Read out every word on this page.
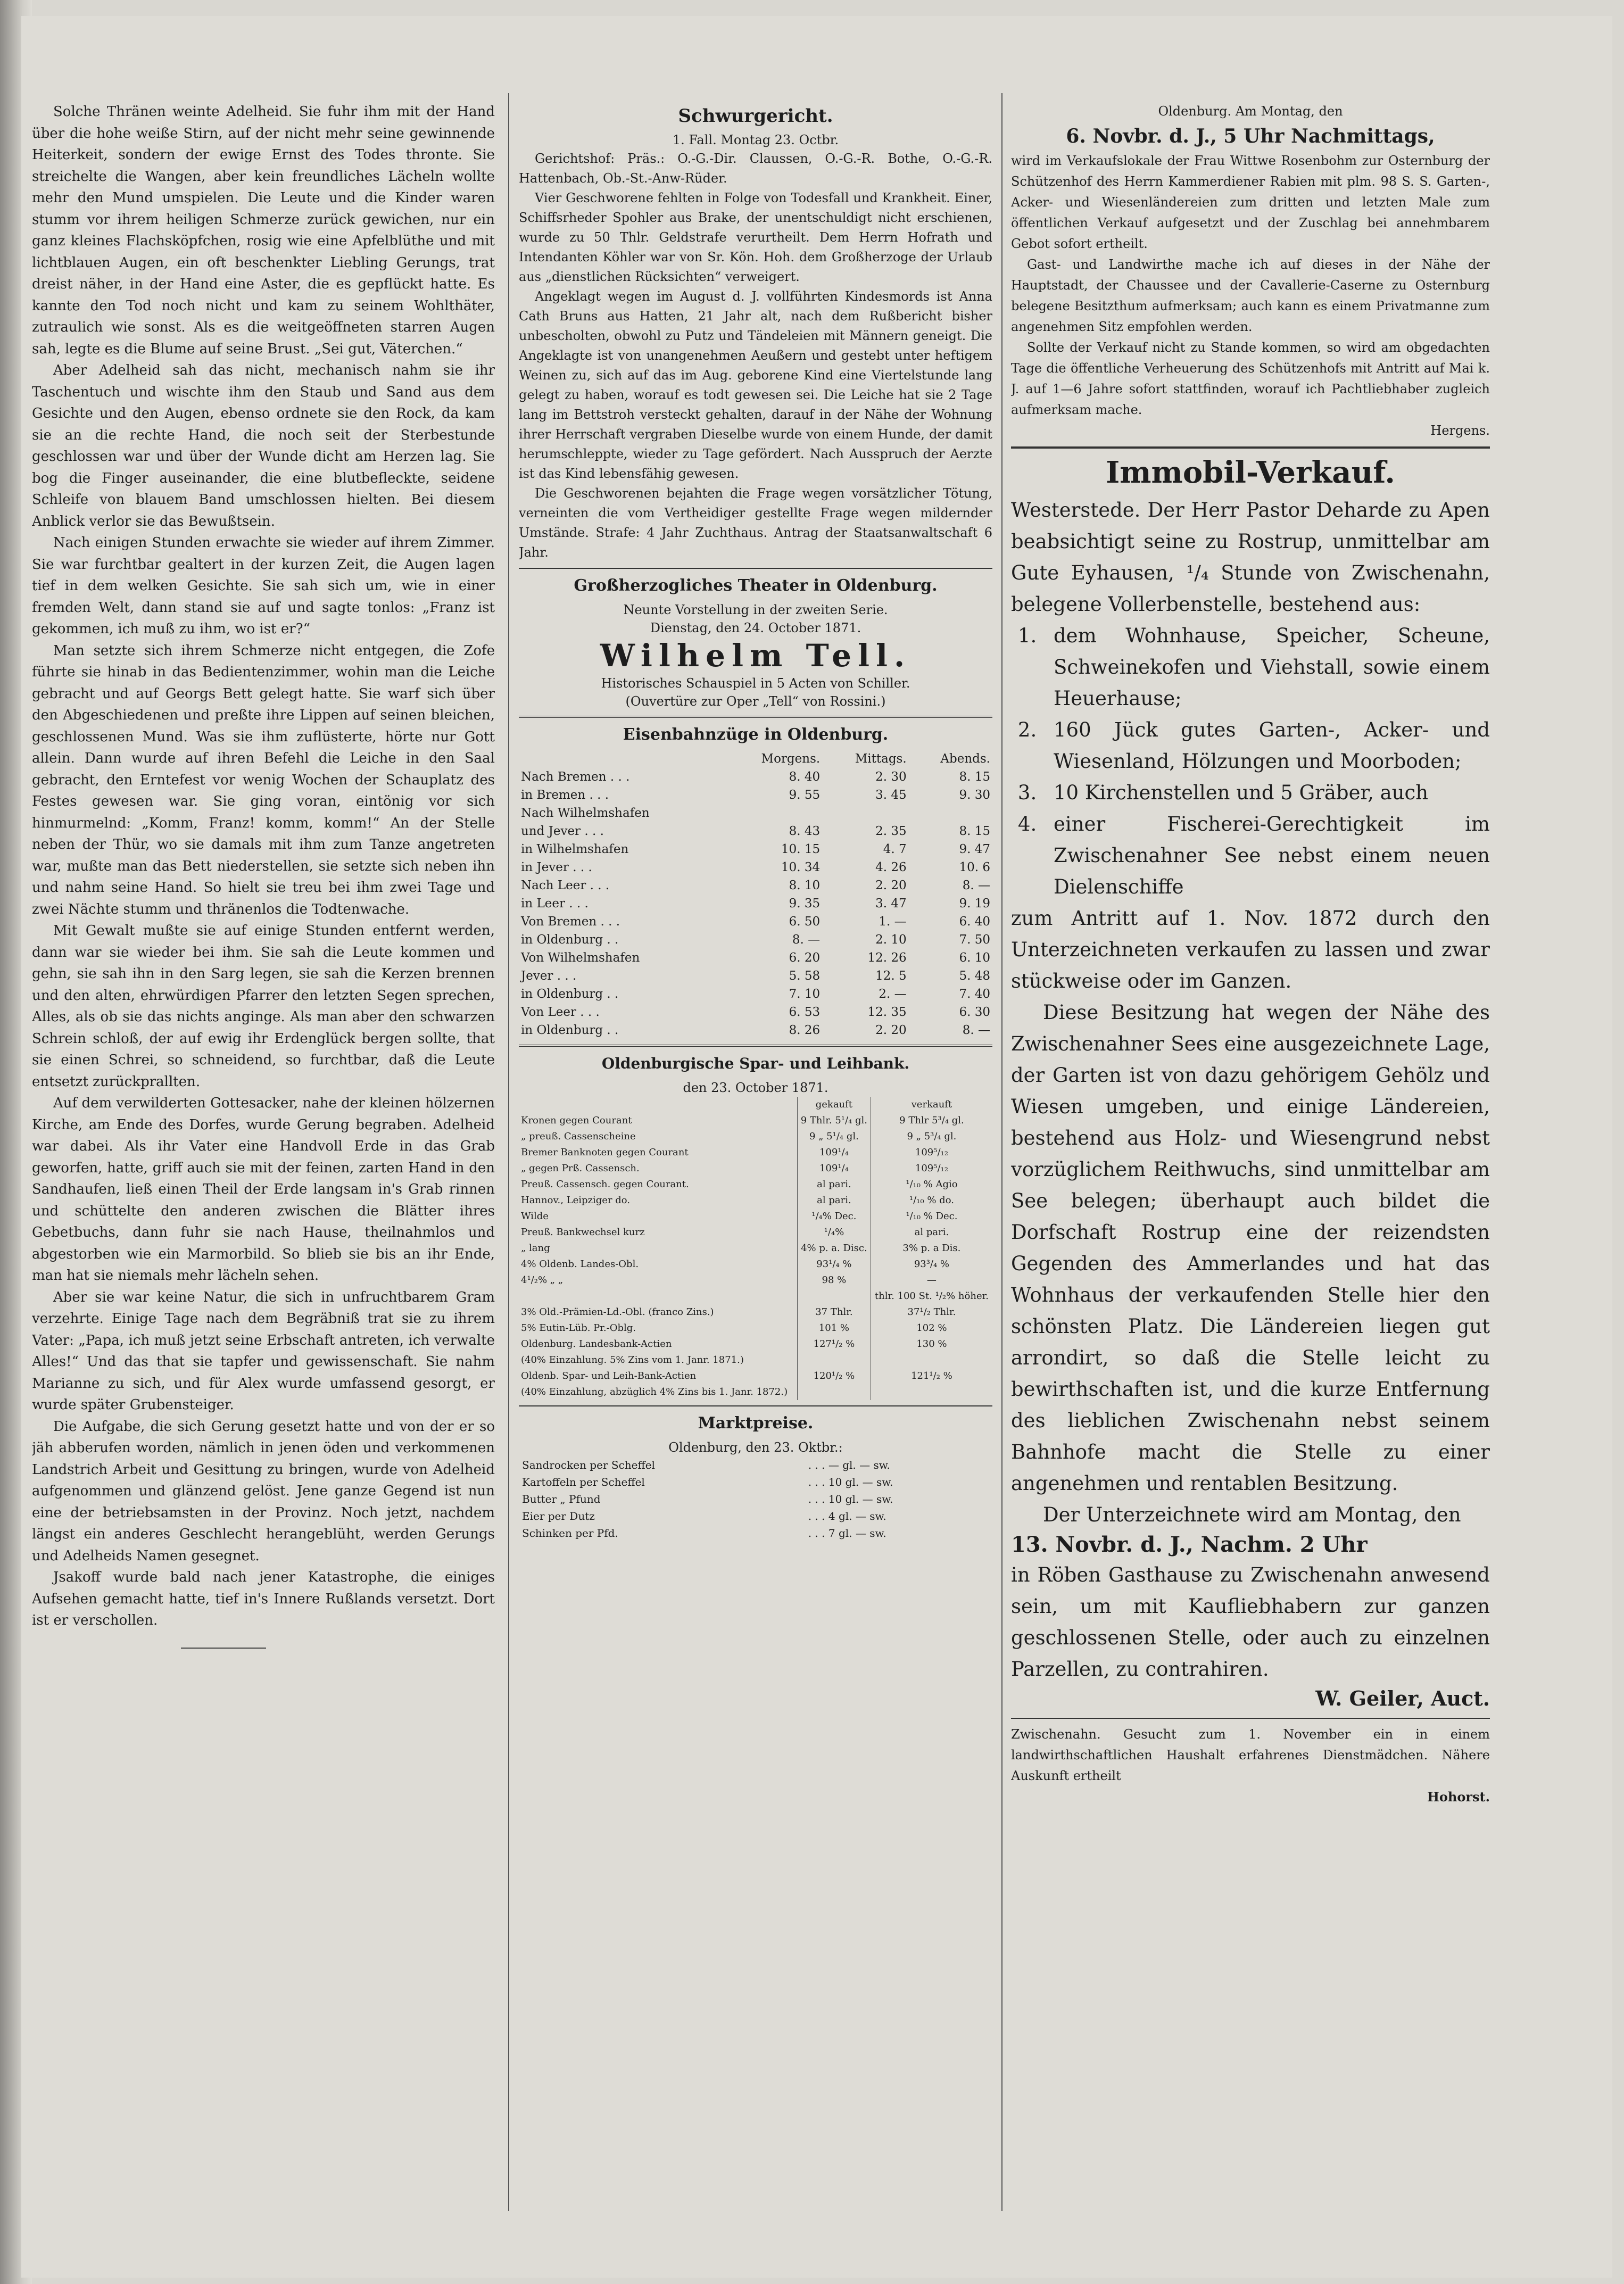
Solche Thränen weinte Adelheid. Sie fuhr ihm mit der Hand über die hohe weiße Stirn, auf der nicht mehr seine gewinnende Heiterkeit, sondern der ewige Ernst des Todes thronte. Sie streichelte die Wangen, aber kein freundliches Lächeln wollte mehr den Mund umspielen. Die Leute und die Kinder waren stumm vor ihrem heiligen Schmerze zurück gewichen, nur ein ganz kleines Flachsköpfchen, rosig wie eine Apfelblüthe und mit lichtblauen Augen, ein oft beschenkter Liebling Gerungs, trat dreist näher, in der Hand eine Aster, die es gepflückt hatte. Es kannte den Tod noch nicht und kam zu seinem Wohlthäter, zutraulich wie sonst. Als es die weitgeöffneten starren Augen sah, legte es die Blume auf seine Brust. „Sei gut, Väterchen.“

Aber Adelheid sah das nicht, mechanisch nahm sie ihr Taschentuch und wischte ihm den Staub und Sand aus dem Gesichte und den Augen, ebenso ordnete sie den Rock, da kam sie an die rechte Hand, die noch seit der Sterbestunde geschlossen war und über der Wunde dicht am Herzen lag. Sie bog die Finger auseinander, die eine blutbefleckte, seidene Schleife von blauem Band umschlossen hielten. Bei diesem Anblick verlor sie das Bewußtsein.

Nach einigen Stunden erwachte sie wieder auf ihrem Zimmer. Sie war furchtbar gealtert in der kurzen Zeit, die Augen lagen tief in dem welken Gesichte. Sie sah sich um, wie in einer fremden Welt, dann stand sie auf und sagte tonlos: „Franz ist gekommen, ich muß zu ihm, wo ist er?“

Man setzte sich ihrem Schmerze nicht entgegen, die Zofe führte sie hinab in das Bedientenzimmer, wohin man die Leiche gebracht und auf Georgs Bett gelegt hatte. Sie warf sich über den Abgeschiedenen und preßte ihre Lippen auf seinen bleichen, geschlossenen Mund. Was sie ihm zuflüsterte, hörte nur Gott allein. Dann wurde auf ihren Befehl die Leiche in den Saal gebracht, den Erntefest vor wenig Wochen der Schauplatz des Festes gewesen war. Sie ging voran, eintönig vor sich hinmurmelnd: „Komm, Franz! komm, komm!“ An der Stelle neben der Thür, wo sie damals mit ihm zum Tanze angetreten war, mußte man das Bett niederstellen, sie setzte sich neben ihn und nahm seine Hand. So hielt sie treu bei ihm zwei Tage und zwei Nächte stumm und thränenlos die Todtenwache.

Mit Gewalt mußte sie auf einige Stunden entfernt werden, dann war sie wieder bei ihm. Sie sah die Leute kommen und gehn, sie sah ihn in den Sarg legen, sie sah die Kerzen brennen und den alten, ehrwürdigen Pfarrer den letzten Segen sprechen, Alles, als ob sie das nichts anginge. Als man aber den schwarzen Schrein schloß, der auf ewig ihr Erdenglück bergen sollte, that sie einen Schrei, so schneidend, so furchtbar, daß die Leute entsetzt zurückprallten.

Auf dem verwilderten Gottesacker, nahe der kleinen hölzernen Kirche, am Ende des Dorfes, wurde Gerung begraben. Adelheid war dabei. Als ihr Vater eine Handvoll Erde in das Grab geworfen, hatte, griff auch sie mit der feinen, zarten Hand in den Sandhaufen, ließ einen Theil der Erde langsam in's Grab rinnen und schüttelte den anderen zwischen die Blätter ihres Gebetbuchs, dann fuhr sie nach Hause, theilnahmlos und abgestorben wie ein Marmorbild. So blieb sie bis an ihr Ende, man hat sie niemals mehr lächeln sehen.

Aber sie war keine Natur, die sich in unfruchtbarem Gram verzehrte. Einige Tage nach dem Begräbniß trat sie zu ihrem Vater: „Papa, ich muß jetzt seine Erbschaft antreten, ich verwalte Alles!“ Und das that sie tapfer und gewissenschaft. Sie nahm Marianne zu sich, und für Alex wurde umfassend gesorgt, er wurde später Grubensteiger.

Die Aufgabe, die sich Gerung gesetzt hatte und von der er so jäh abberufen worden, nämlich in jenen öden und verkommenen Landstrich Arbeit und Gesittung zu bringen, wurde von Adelheid aufgenommen und glänzend gelöst. Jene ganze Gegend ist nun eine der betriebsamsten in der Provinz. Noch jetzt, nachdem längst ein anderes Geschlecht herangeblüht, werden Gerungs und Adelheids Namen gesegnet.

Jsakoff wurde bald nach jener Katastrophe, die einiges Aufsehen gemacht hatte, tief in's Innere Rußlands versetzt. Dort ist er verschollen.

Schwurgericht.
1. Fall. Montag 23. Octbr.

Gerichtshof: Präs.: O.-G.-Dir. Claussen, O.-G.-R. Bothe, O.-G.-R. Hattenbach, Ob.-St.-Anw-Rüder.

Vier Geschworene fehlten in Folge von Todesfall und Krankheit. Einer, Schiffsrheder Spohler aus Brake, der unentschuldigt nicht erschienen, wurde zu 50 Thlr. Geldstrafe verurtheilt. Dem Herrn Hofrath und Intendanten Köhler war von Sr. Kön. Hoh. dem Großherzoge der Urlaub aus „dienstlichen Rücksichten“ verweigert.

Angeklagt wegen im August d. J. vollführten Kindesmords ist Anna Cath Bruns aus Hatten, 21 Jahr alt, nach dem Rußbericht bisher unbescholten, obwohl zu Putz und Tändeleien mit Männern geneigt. Die Angeklagte ist von unangenehmen Aeußern und gestebt unter heftigem Weinen zu, sich auf das im Aug. geborene Kind eine Viertelstunde lang gelegt zu haben, worauf es todt gewesen sei. Die Leiche hat sie 2 Tage lang im Bettstroh versteckt gehalten, darauf in der Nähe der Wohnung ihrer Herrschaft vergraben Dieselbe wurde von einem Hunde, der damit herumschleppte, wieder zu Tage gefördert. Nach Ausspruch der Aerzte ist das Kind lebensfähig gewesen.

Die Geschworenen bejahten die Frage wegen vorsätzlicher Tötung, verneinten die vom Vertheidiger gestellte Frage wegen mildernder Umstände. Strafe: 4 Jahr Zuchthaus. Antrag der Staatsanwaltschaft 6 Jahr.

Großherzogliches Theater in Oldenburg.
Neunte Vorstellung in der zweiten Serie.
Dienstag, den 24. October 1871.
Wilhelm Tell.
Historisches Schauspiel in 5 Acten von Schiller.
(Ouvertüre zur Oper „Tell“ von Rossini.)
Eisenbahnzüge in Oldenburg.
	Morgens.	Mittags.	Abends.
Nach Bremen . . .	8. 40	2. 30	8. 15
in Bremen . . .	9. 55	3. 45	9. 30
Nach Wilhelmshafen			
und Jever . . .	8. 43	2. 35	8. 15
in Wilhelmshafen	10. 15	4. 7	9. 47
in Jever . . .	10. 34	4. 26	10. 6
Nach Leer . . .	8. 10	2. 20	8. —
in Leer . . .	9. 35	3. 47	9. 19
Von Bremen . . .	6. 50	1. —	6. 40
in Oldenburg . .	8. —	2. 10	7. 50
Von Wilhelmshafen	6. 20	12. 26	6. 10
Jever . . .	5. 58	12. 5	5. 48
in Oldenburg . .	7. 10	2. —	7. 40
Von Leer . . .	6. 53	12. 35	6. 30
in Oldenburg . .	8. 26	2. 20	8. —
Oldenburgische Spar- und Leihbank.
den 23. October 1871.
	gekauft	verkauft
Kronen gegen Courant	9 Thlr. 5¹/₄ gl.	9 Thlr 5³/₄ gl.
„ preuß. Cassenscheine	9 „ 5¹/₄ gl.	9 „ 5³/₄ gl.
Bremer Banknoten gegen Courant	109¹/₄	109⁵/₁₂
„ gegen Prß. Cassensch.	109¹/₄	109⁵/₁₂
Preuß. Cassensch. gegen Courant.	al pari.	¹/₁₀ % Agio
Hannov., Leipziger do.	al pari.	¹/₁₀ % do.
Wilde	¹/₄% Dec.	¹/₁₀ % Dec.
Preuß. Bankwechsel kurz	¹/₄%	al pari.
„ lang	4% p. a. Disc.	3% p. a Dis.
4% Oldenb. Landes-Obl.	93¹/₄ %	93³/₄ %
4¹/₂% „ „	98 %	—
		thlr. 100 St. ¹/₂% höher.
3% Old.-Prämien-Ld.-Obl. (franco Zins.)	37 Thlr.	37¹/₂ Thlr.
5% Eutin-Lüb. Pr.-Oblg.	101 %	102 %
Oldenburg. Landesbank-Actien	127¹/₂ %	130 %
(40% Einzahlung. 5% Zins vom 1. Janr. 1871.)		
Oldenb. Spar- und Leih-Bank-Actien	120¹/₂ %	121¹/₂ %
(40% Einzahlung, abzüglich 4% Zins bis 1. Janr. 1872.)		
Marktpreise.
Oldenburg, den 23. Oktbr.:
Sandrocken per Scheffel	. . . — gl. — sw.
Kartoffeln per Scheffel	. . . 10 gl. — sw.
Butter „ Pfund	. . . 10 gl. — sw.
Eier per Dutz	. . . 4 gl. — sw.
Schinken per Pfd.	. . . 7 gl. — sw.

Oldenburg. Am Montag, den

6. Novbr. d. J., 5 Uhr Nachmittags,

wird im Verkaufslokale der Frau Wittwe Rosenbohm zur Osternburg der Schützenhof des Herrn Kammerdiener Rabien mit plm. 98 S. S. Garten-, Acker- und Wiesenländereien zum dritten und letzten Male zum öffentlichen Verkauf aufgesetzt und der Zuschlag bei annehmbarem Gebot sofort ertheilt.

Gast- und Landwirthe mache ich auf dieses in der Nähe der Hauptstadt, der Chaussee und der Cavallerie-Caserne zu Osternburg belegene Besitzthum aufmerksam; auch kann es einem Privatmanne zum angenehmen Sitz empfohlen werden.

Sollte der Verkauf nicht zu Stande kommen, so wird am obgedachten Tage die öffentliche Verheuerung des Schützenhofs mit Antritt auf Mai k. J. auf 1—6 Jahre sofort stattfinden, worauf ich Pachtliebhaber zugleich aufmerksam mache.

Hergens.

Immobil-Verkauf.

Westerstede. Der Herr Pastor Deharde zu Apen beabsichtigt seine zu Rostrup, unmittelbar am Gute Eyhausen, ¹/₄ Stunde von Zwischenahn, belegene Vollerbenstelle, bestehend aus:

1. dem Wohnhause, Speicher, Scheune, Schweinekofen und Viehstall, sowie einem Heuerhause;
2. 160 Jück gutes Garten-, Acker- und Wiesenland, Hölzungen und Moorboden;
3. 10 Kirchenstellen und 5 Gräber, auch
4. einer Fischerei-Gerechtigkeit im Zwischenahner See nebst einem neuen Dielenschiffe

zum Antritt auf 1. Nov. 1872 durch den Unterzeichneten verkaufen zu lassen und zwar stückweise oder im Ganzen.

Diese Besitzung hat wegen der Nähe des Zwischenahner Sees eine ausgezeichnete Lage, der Garten ist von dazu gehörigem Gehölz und Wiesen umgeben, und einige Ländereien, bestehend aus Holz- und Wiesengrund nebst vorzüglichem Reithwuchs, sind unmittelbar am See belegen; überhaupt auch bildet die Dorfschaft Rostrup eine der reizendsten Gegenden des Ammerlandes und hat das Wohnhaus der verkaufenden Stelle hier den schönsten Platz. Die Ländereien liegen gut arrondirt, so daß die Stelle leicht zu bewirthschaften ist, und die kurze Entfernung des lieblichen Zwischenahn nebst seinem Bahnhofe macht die Stelle zu einer angenehmen und rentablen Besitzung.

Der Unterzeichnete wird am Montag, den

13. Novbr. d. J., Nachm. 2 Uhr

in Röben Gasthause zu Zwischenahn anwesend sein, um mit Kaufliebhabern zur ganzen geschlossenen Stelle, oder auch zu einzelnen Parzellen, zu contrahiren.

W. Geiler, Auct.

Zwischenahn. Gesucht zum 1. November ein in einem landwirthschaftlichen Haushalt erfahrenes Dienstmädchen. Nähere Auskunft ertheilt

Hohorst.
